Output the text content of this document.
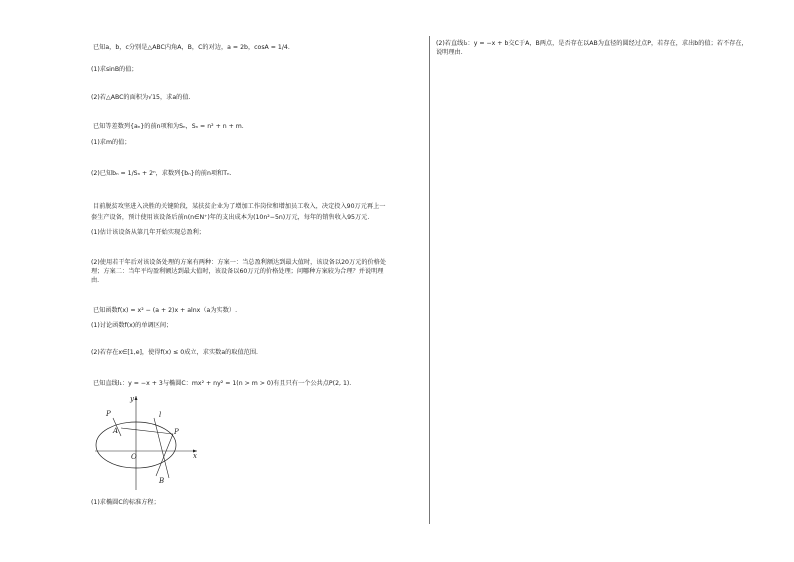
已知a，b，c分别是△ABC内角A，B，C的对边，a = 2b，cosA = 1/4.
(1)求sinB的值；
(2)若△ABC的面积为√15，求a的值.
已知等差数列{aₙ}的前n项和为Sₙ，Sₙ = n² + n + m.
(1)求m的值；
(2)已知bₙ = 1/Sₙ + 2ⁿ，求数列{bₙ}的前n项和Tₙ.
目前脱贫攻坚进入决胜的关键阶段，某扶贫企业为了增加工作岗位和增加员工收入，决定投入90万元再上一
套生产设备，预计使用该设备后前n(n∈N⁺)年的支出成本为(10n²−5n)万元，每年的销售收入95万元.
(1)估计该设备从第几年开始实现总盈利；
(2)使用若干年后对该设备处理的方案有两种：方案一：当总盈利额达到最大值时，该设备以20万元的价格处
理；方案二：当年平均盈利额达到最大值时，该设备以60万元的价格处理；问哪种方案较为合理？并说明理
由.
已知函数f(x) = x² − (a + 2)x + alnx（a为实数）.
(1)讨论函数f(x)的单调区间；
(2)若存在x∈[1,e]，使得f(x) ≤ 0成立，求实数a的取值范围.
已知直线l₁：y = −x + 3与椭圆C：mx² + ny² = 1(n > m > 0)有且只有一个公共点P(2, 1).
P	l
y
A	P
O	x
B
(1)求椭圆C的标准方程；
(2)若直线l₂：y = −x + b交C于A，B两点，是否存在以AB为直径的圆经过点P，若存在，求出b的值；若不存在，
说明理由.
